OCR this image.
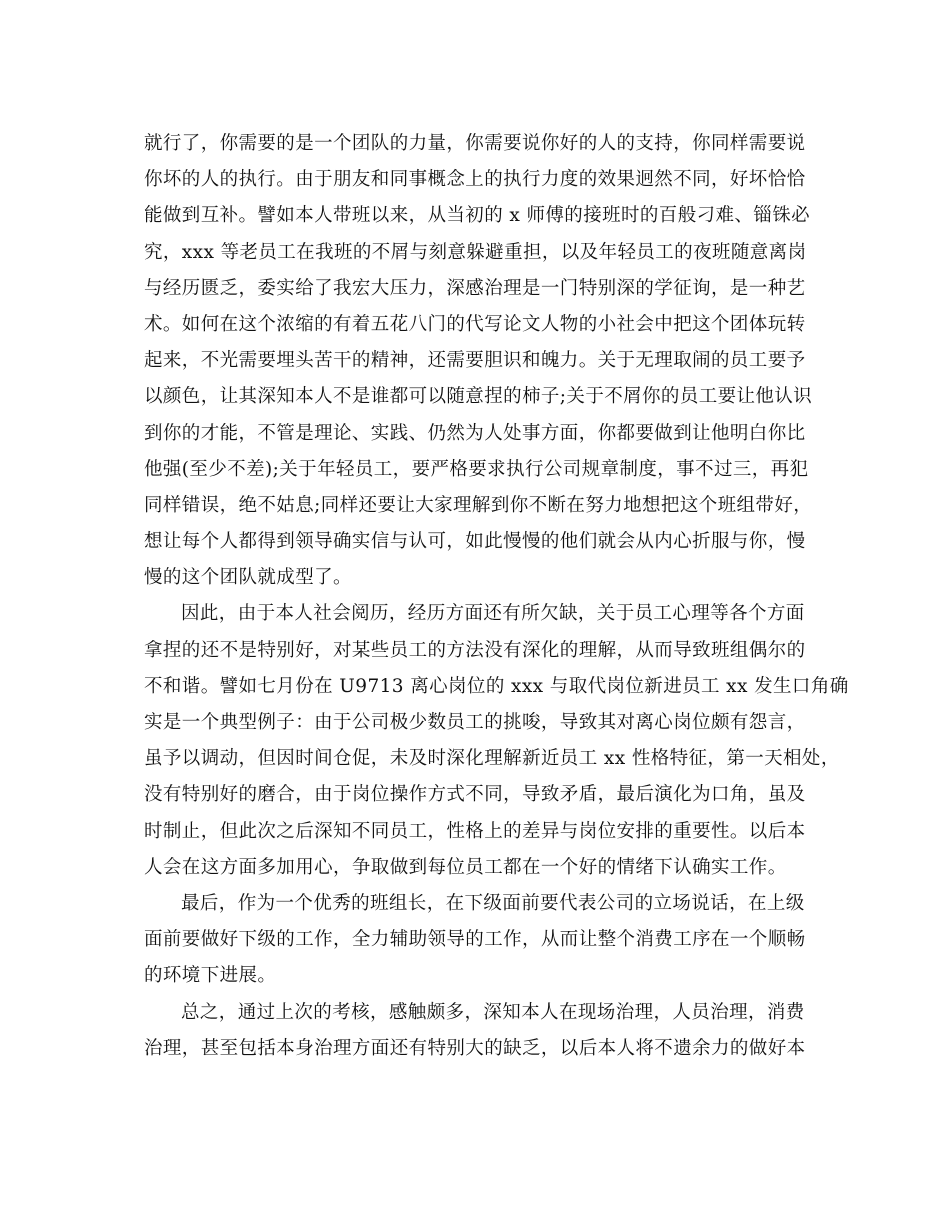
就行了，你需要的是一个团队的力量，你需要说你好的人的支持，你同样需要说
你坏的人的执行。由于朋友和同事概念上的执行力度的效果迥然不同，好坏恰恰
能做到互补。譬如本人带班以来，从当初的 x 师傅的接班时的百般刁难、锱铢必
究，xxx 等老员工在我班的不屑与刻意躲避重担，以及年轻员工的夜班随意离岗
与经历匮乏，委实给了我宏大压力，深感治理是一门特别深的学征询，是一种艺
术。如何在这个浓缩的有着五花八门的代写论文人物的小社会中把这个团体玩转
起来，不光需要埋头苦干的精神，还需要胆识和魄力。关于无理取闹的员工要予
以颜色，让其深知本人不是谁都可以随意捏的柿子;关于不屑你的员工要让他认识
到你的才能，不管是理论、实践、仍然为人处事方面，你都要做到让他明白你比
他强(至少不差);关于年轻员工，要严格要求执行公司规章制度，事不过三，再犯
同样错误，绝不姑息;同样还要让大家理解到你不断在努力地想把这个班组带好，
想让每个人都得到领导确实信与认可，如此慢慢的他们就会从内心折服与你，慢
慢的这个团队就成型了。
因此，由于本人社会阅历，经历方面还有所欠缺，关于员工心理等各个方面
拿捏的还不是特别好，对某些员工的方法没有深化的理解，从而导致班组偶尔的
不和谐。譬如七月份在 U9713 离心岗位的 xxx 与取代岗位新进员工 xx 发生口角确
实是一个典型例子：由于公司极少数员工的挑唆，导致其对离心岗位颇有怨言，
虽予以调动，但因时间仓促，未及时深化理解新近员工 xx 性格特征，第一天相处，
没有特别好的磨合，由于岗位操作方式不同，导致矛盾，最后演化为口角，虽及
时制止，但此次之后深知不同员工，性格上的差异与岗位安排的重要性。以后本
人会在这方面多加用心，争取做到每位员工都在一个好的情绪下认确实工作。
最后，作为一个优秀的班组长，在下级面前要代表公司的立场说话，在上级
面前要做好下级的工作，全力辅助领导的工作，从而让整个消费工序在一个顺畅
的环境下进展。
总之，通过上次的考核，感触颇多，深知本人在现场治理，人员治理，消费
治理，甚至包括本身治理方面还有特别大的缺乏，以后本人将不遗余力的做好本
